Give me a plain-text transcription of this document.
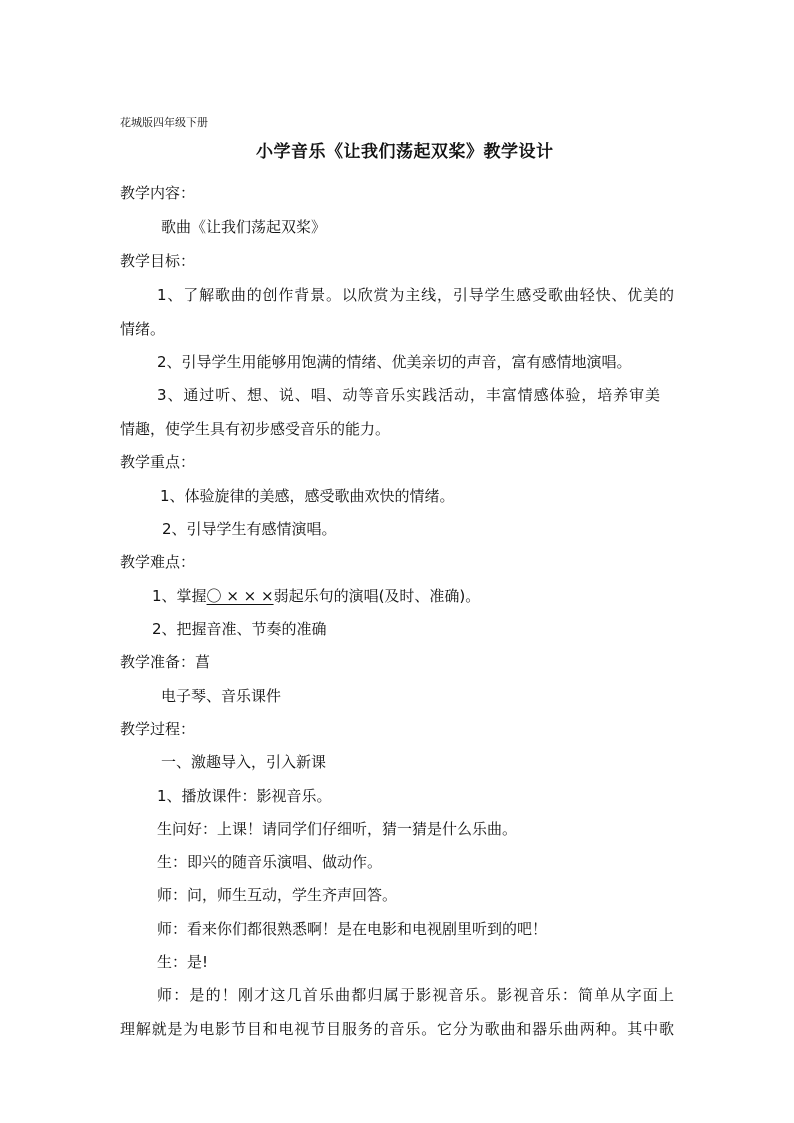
花城版四年级下册
小学音乐《让我们荡起双桨》教学设计
教学内容：
歌曲《让我们荡起双桨》
教学目标：
1、了解歌曲的创作背景。以欣赏为主线，引导学生感受歌曲轻快、优美的
情绪。
2、引导学生用能够用饱满的情绪、优美亲切的声音，富有感情地演唱。
3、通过听、想、说、唱、动等音乐实践活动，丰富情感体验，培养审美
情趣，使学生具有初步感受音乐的能力。
教学重点：
1、体验旋律的美感，感受歌曲欢快的情绪。
2、引导学生有感情演唱。
教学难点：
1、掌握〇 × × ×弱起乐句的演唱(及时、准确)。
2、把握音准、节奏的准确
教学准备：菖
电子琴、音乐课件
教学过程：
一、激趣导入，引入新课
1、播放课件：影视音乐。
生问好：上课！请同学们仔细听，猜一猜是什么乐曲。
生：即兴的随音乐演唱、做动作。
师：问，师生互动，学生齐声回答。
师：看来你们都很熟悉啊！是在电影和电视剧里听到的吧！
生：是!
师：是的！刚才这几首乐曲都归属于影视音乐。影视音乐：简单从字面上
理解就是为电影节目和电视节目服务的音乐。它分为歌曲和器乐曲两种。其中歌
